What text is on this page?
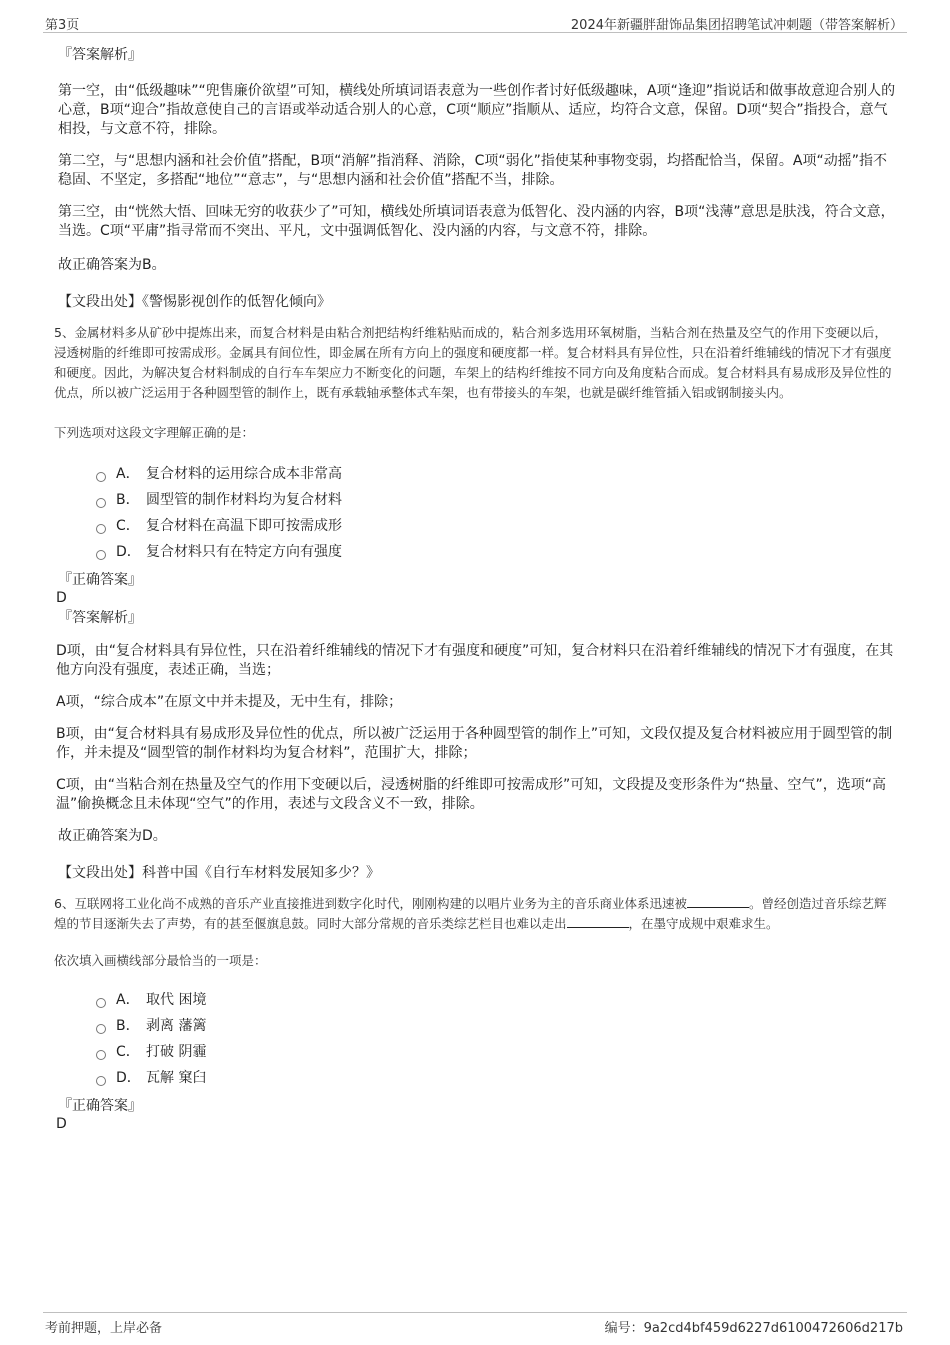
第3页	2024年新疆胖甜饰品集团招聘笔试冲刺题（带答案解析）

『答案解析』

第一空，由“低级趣味”“兜售廉价欲望”可知，横线处所填词语表意为一些创作者讨好低级趣味，A项“逢迎”指说话和做事故意迎合别人的心意，B项“迎合”指故意使自己的言语或举动适合别人的心意，C项“顺应”指顺从、适应，均符合文意，保留。D项“契合”指投合，意气相投，与文意不符，排除。

第二空，与“思想内涵和社会价值”搭配，B项“消解”指消释、消除，C项“弱化”指使某种事物变弱，均搭配恰当，保留。A项“动摇”指不稳固、不坚定，多搭配“地位”“意志”，与“思想内涵和社会价值”搭配不当，排除。

第三空，由“恍然大悟、回味无穷的收获少了”可知，横线处所填词语表意为低智化、没内涵的内容，B项“浅薄”意思是肤浅，符合文意，当选。C项“平庸”指寻常而不突出、平凡，文中强调低智化、没内涵的内容，与文意不符，排除。

故正确答案为B。

【文段出处】《警惕影视创作的低智化倾向》

5、金属材料多从矿砂中提炼出来，而复合材料是由粘合剂把结构纤维粘贴而成的，粘合剂多选用环氧树脂，当粘合剂在热量及空气的作用下变硬以后，浸透树脂的纤维即可按需成形。金属具有间位性，即金属在所有方向上的强度和硬度都一样。复合材料具有异位性，只在沿着纤维辅线的情况下才有强度和硬度。因此，为解决复合材料制成的自行车车架应力不断变化的问题，车架上的结构纤维按不同方向及角度粘合而成。复合材料具有易成形及异位性的优点，所以被广泛运用于各种圆型管的制作上，既有承载轴承整体式车架，也有带接头的车架，也就是碳纤维管插入铝或钢制接头内。

下列选项对这段文字理解正确的是：

A． 复合材料的运用综合成本非常高
B． 圆型管的制作材料均为复合材料
C． 复合材料在高温下即可按需成形
D． 复合材料只有在特定方向有强度

『正确答案』

D

『答案解析』

D项，由“复合材料具有异位性，只在沿着纤维辅线的情况下才有强度和硬度”可知，复合材料只在沿着纤维辅线的情况下才有强度，在其他方向没有强度，表述正确，当选；

A项，“综合成本”在原文中并未提及，无中生有，排除；

B项，由“复合材料具有易成形及异位性的优点，所以被广泛运用于各种圆型管的制作上”可知，文段仅提及复合材料被应用于圆型管的制作，并未提及“圆型管的制作材料均为复合材料”，范围扩大，排除；

C项，由“当粘合剂在热量及空气的作用下变硬以后，浸透树脂的纤维即可按需成形”可知，文段提及变形条件为“热量、空气”，选项“高温”偷换概念且未体现“空气”的作用，表述与文段含义不一致，排除。

故正确答案为D。

【文段出处】科普中国《自行车材料发展知多少？》

6、互联网将工业化尚不成熟的音乐产业直接推进到数字化时代，刚刚构建的以唱片业务为主的音乐商业体系迅速被	。曾经创造过音乐综艺辉煌的节目逐渐失去了声势，有的甚至偃旗息鼓。同时大部分常规的音乐类综艺栏目也难以走出	，在墨守成规中艰难求生。

依次填入画横线部分最恰当的一项是：

A． 取代 困境
B． 剥离 藩篱
C． 打破 阴霾
D． 瓦解 窠臼

『正确答案』

D

考前押题，上岸必备	编号：9a2cd4bf459d6227d6100472606d217b
